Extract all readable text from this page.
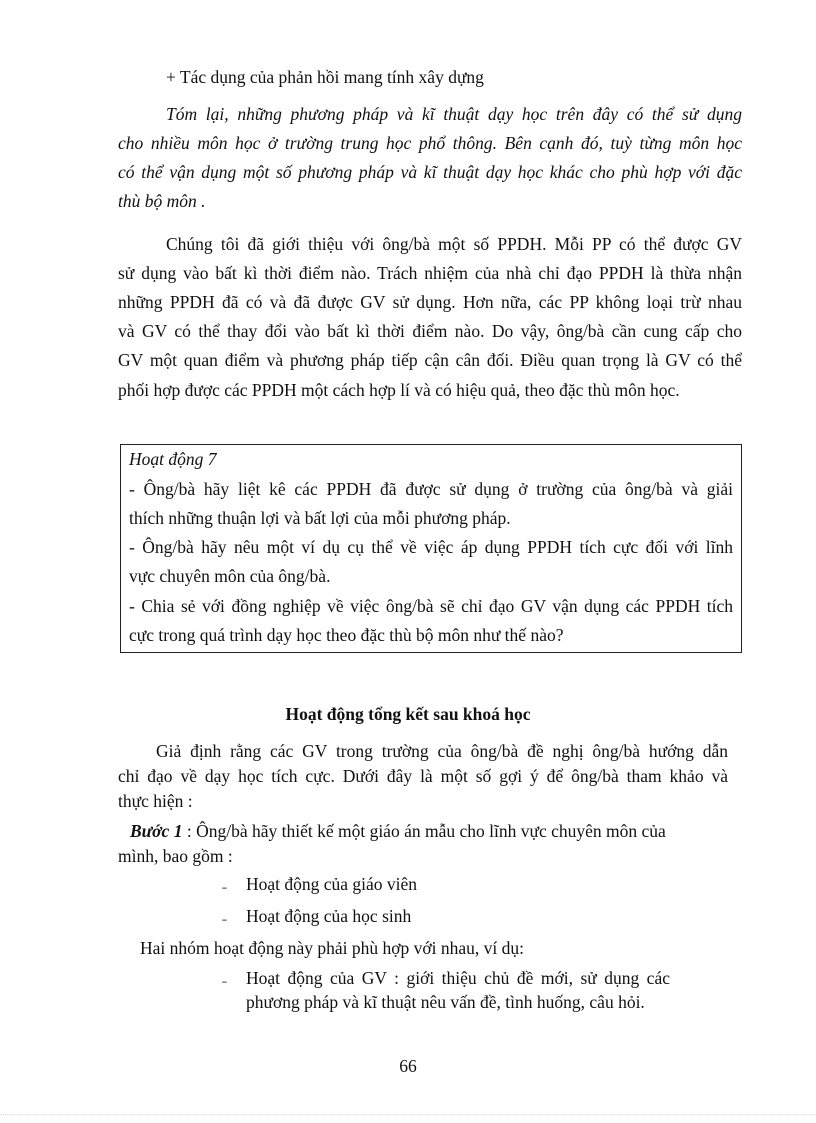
+ Tác dụng của phản hồi mang tính xây dựng
Tóm lại, những phương pháp và kĩ thuật dạy học trên đây có thể sử dụng
cho nhiều môn học ở trường trung học phổ thông. Bên cạnh đó, tuỳ từng môn học
có thể vận dụng một số phương pháp và kĩ thuật dạy học khác cho phù hợp với đặc
thù bộ môn .
Chúng tôi đã giới thiệu với ông/bà một số PPDH. Mỗi PP có thể được GV
sử dụng vào bất kì thời điểm nào. Trách nhiệm của nhà chỉ đạo PPDH là thừa nhận
những PPDH đã có và đã được GV sử dụng. Hơn nữa, các PP không loại trừ nhau
và GV có thể thay đổi vào bất kì thời điểm nào. Do vậy, ông/bà cần cung cấp cho
GV một quan điểm và phương pháp tiếp cận cân đối. Điều quan trọng là GV có thể
phối hợp được các PPDH một cách hợp lí và có hiệu quả, theo đặc thù môn học.
Hoạt động 7
- Ông/bà hãy liệt kê các PPDH đã được sử dụng ở trường của ông/bà và giải
thích những thuận lợi và bất lợi của mỗi phương pháp.
- Ông/bà hãy nêu một ví dụ cụ thể về việc áp dụng PPDH tích cực đối với lĩnh
vực chuyên môn của ông/bà.
- Chia sẻ với đồng nghiệp về việc ông/bà sẽ chỉ đạo GV vận dụng các PPDH tích
cực trong quá trình dạy học theo đặc thù bộ môn như thế nào?
Hoạt động tổng kết sau khoá học
Giả định rằng các GV trong trường của ông/bà đề nghị ông/bà hướng dẫn
chỉ đạo về dạy học tích cực. Dưới đây là một số gợi ý để ông/bà tham khảo và
thực hiện :
Bước 1 : Ông/bà hãy thiết kế một giáo án mẫu cho lĩnh vực chuyên môn của
mình, bao gồm :
˗ Hoạt động của giáo viên
˗ Hoạt động của học sinh
Hai nhóm hoạt động này phải phù hợp với nhau, ví dụ:
˗ Hoạt động của GV : giới thiệu chủ đề mới, sử dụng các
phương pháp và kĩ thuật nêu vấn đề, tình huống, câu hỏi.
66
